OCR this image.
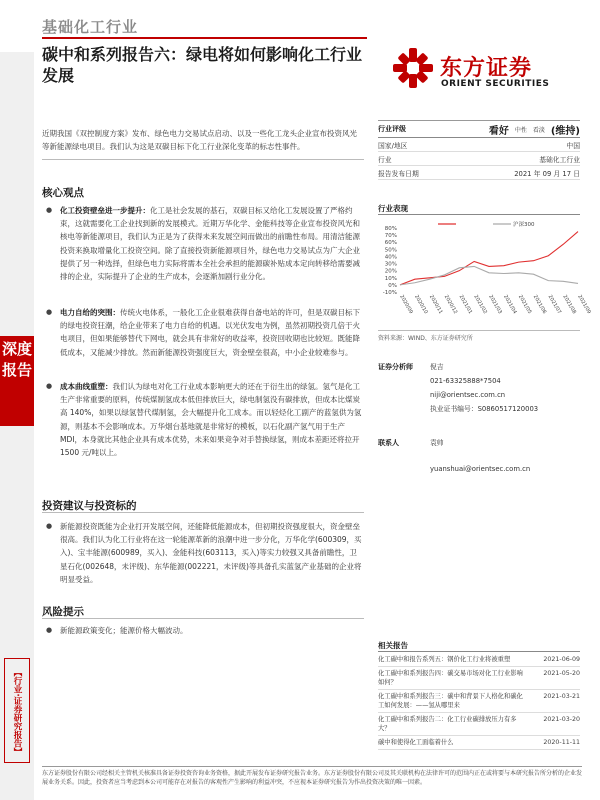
深度报告
【行业·证券研究报告】
基础化工行业
碳中和系列报告六：绿电将如何影响化工行业发展	东方证券
ORIENT SECURITIES
近期我国《双控制度方案》发布、绿色电力交易试点启动、以及一些化工龙头企业宣布投资风光等新能源绿电项目。我们认为这是双碳目标下化工行业深化变革的标志性事件。
核心观点
● 化工投资壁垒进一步提升：化工是社会发展的基石，双碳目标又给化工发展设置了严格约束，这就需要化工企业找到新的发展模式。近期万华化学、金能科技等企业宣布投资风光和核电等新能源项目，我们认为正是为了获得未来发展空间而做出的前瞻性布局。用清洁能源投资来换取增量化工投资空间。除了直接投资新能源项目外，绿色电力交易试点为广大企业提供了另一种选择，但绿色电力实际将需本全社会承担的能源碳补贴成本定向转移给需要减排的企业，实际提升了企业的生产成本，会逐渐加剧行业分化。
● 电力自给的突围：传统火电体系，一般化工企业很难获得自备电站的许可，但是双碳目标下的绿电投资狂潮，给企业带来了电力自给的机遇。以光伏发电为例，虽然初期投资几倍于火电项目，但如果能够替代下网电，就会具有非常好的收益率，投资回收期也比较短。既能降低成本，又能减少排放。然而新能源投资强度巨大，资金壁垒很高，中小企业较难参与。
● 成本曲线重塑：我们认为绿电对化工行业成本影响更大的还在于衍生出的绿氢。氢气是化工生产非常重要的原料，传统煤制氢成本低但排放巨大，绿电制氢没有碳排放，但成本比煤炭高 140%，如果以绿氢替代煤制氢，会大幅提升化工成本。而以轻烃化工副产的蓝氢供为氢源，则基本不会影响成本。万华烟台基地就是非常好的模板，以石化副产氢气用于生产 MDI，本身就比其他企业具有成本优势，未来如果竞争对手替换绿氢，则成本差距还将拉开 1500 元/吨以上。
投资建议与投资标的
● 新能源投资既能为企业打开发展空间，还能降低能源成本，但初期投资强度很大，资金壁垒很高。我们认为化工行业将在这一轮能源革新的浪潮中进一步分化，万华化学(600309，买入)、宝丰能源(600989，买入)、金能科技(603113，买入)等实力较强又具备前瞻性，卫星石化(002648，未评级)、东华能源(002221，未评级)等具备孔实蓝氢产业基础的企业将明显受益。
风险提示
● 新能源政策变化；能源价格大幅波动。
行业评级	看好 中性 看淡 (维持)
国家/地区	中国
行业	基础化工行业
报告发布日期	2021 年 09 月 17 日
行业表现
80%
70%
60%
50%
40%
30%
20%
10%
0%
-10%
2020/09 2020/10 2020/11 2020/12 2021/01 2021/02 2021/03 2021/04 2021/05 2021/06 2021/07 2021/08 2021/09
沪深300
资料来源：WIND、东方证券研究所
证券分析师	倪吉
021-63325888*7504
niji@orientsec.com.cn
执业证书编号：S0860517120003
联系人	袁帅
yuanshuai@orientsec.com.cn
相关报告
化工碳中和报告系列五：钢价化工行业将被重塑	2021-06-09
化工碳中和系列报告四：碳交易市场对化工行业影响如何？
2021-05-20
化工碳中和系列报告三：碳中和背景下人格化和碳化工如何发展：——氢从哪里来
2021-03-21
化工碳中和系列报告二：化工行业碳排放压力有多大？
2021-03-20
碳中和使得化工面临着什么	2020-11-11
东方证券股份有限公司经相关主管机关核准具备证券投资咨询业务资格，据此开展发布证券研究报告业务。东方证券股份有限公司及其关联机构在法律许可的范围内正在或将要与本研究报告所分析的企业发展业务关系。因此，投资者应当考虑到本公司可能存在对报告的客观性产生影响的利益冲突，不应视本证券研究报告为作出投资决策的唯一因素。
